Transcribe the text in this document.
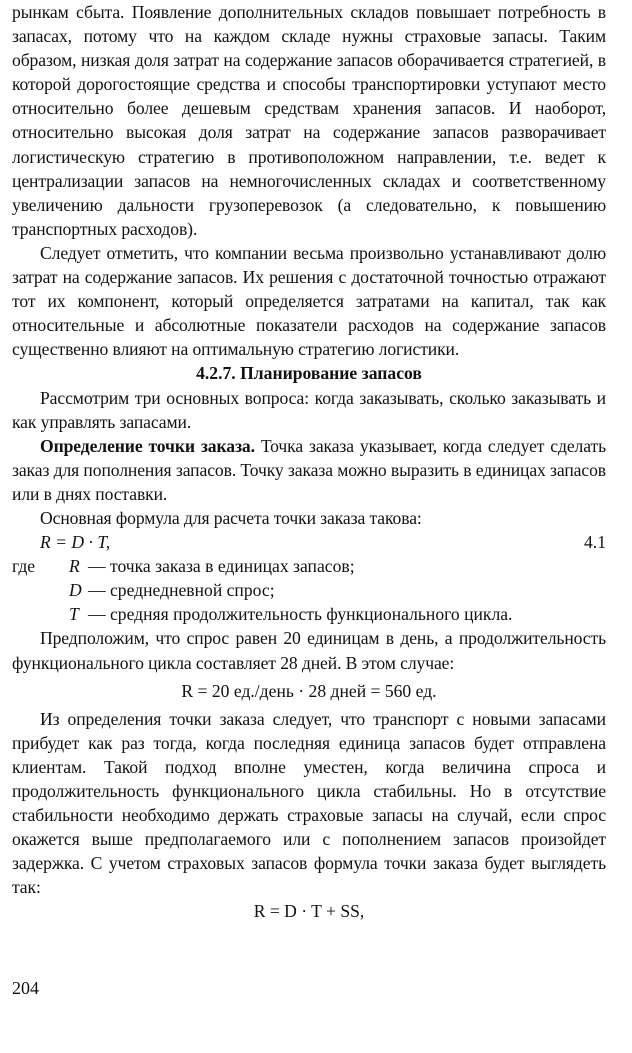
рынкам сбыта. Появление дополнительных складов повышает потребность в запасах, потому что на каждом складе нужны страховые запасы. Таким образом, низкая доля затрат на содержание запасов оборачивается стратегией, в которой дорогостоящие средства и способы транспортировки уступают место относительно более дешевым средствам хранения запасов. И наоборот, относительно высокая доля затрат на содержание запасов разворачивает логистическую стратегию в противоположном направлении, т.е. ведет к централизации запасов на немногочисленных складах и соответственному увеличению дальности грузоперевозок (а следовательно, к повышению транспортных расходов).

Следует отметить, что компании весьма произвольно устанавливают долю затрат на содержание запасов. Их решения с достаточной точностью отражают тот их компонент, который определяется затратами на капитал, так как относительные и абсолютные показатели расходов на содержание запасов существенно влияют на оптимальную стратегию логистики.

4.2.7. Планирование запасов

Рассмотрим три основных вопроса: когда заказывать, сколько заказывать и как управлять запасами.

Определение точки заказа. Точка заказа указывает, когда следует сделать заказ для пополнения запасов. Точку заказа можно выразить в единицах запасов или в днях поставки.

Основная формула для расчета точки заказа такова:

R = D · T,	4.1
где R — точка заказа в единицах запасов;
D — среднедневной спрос;
T — средняя продолжительность функционального цикла.

Предположим, что спрос равен 20 единицам в день, а продолжительность функционального цикла составляет 28 дней. В этом случае:

R = 20 ед./день · 28 дней = 560 ед.

Из определения точки заказа следует, что транспорт с новыми запасами прибудет как раз тогда, когда последняя единица запасов будет отправлена клиентам. Такой подход вполне уместен, когда величина спроса и продолжительность функционального цикла стабильны. Но в отсутствие стабильности необходимо держать страховые запасы на случай, если спрос окажется выше предполагаемого или с пополнением запасов произойдет задержка. С учетом страховых запасов формула точки заказа будет выглядеть так:

R = D · T + SS,

204
